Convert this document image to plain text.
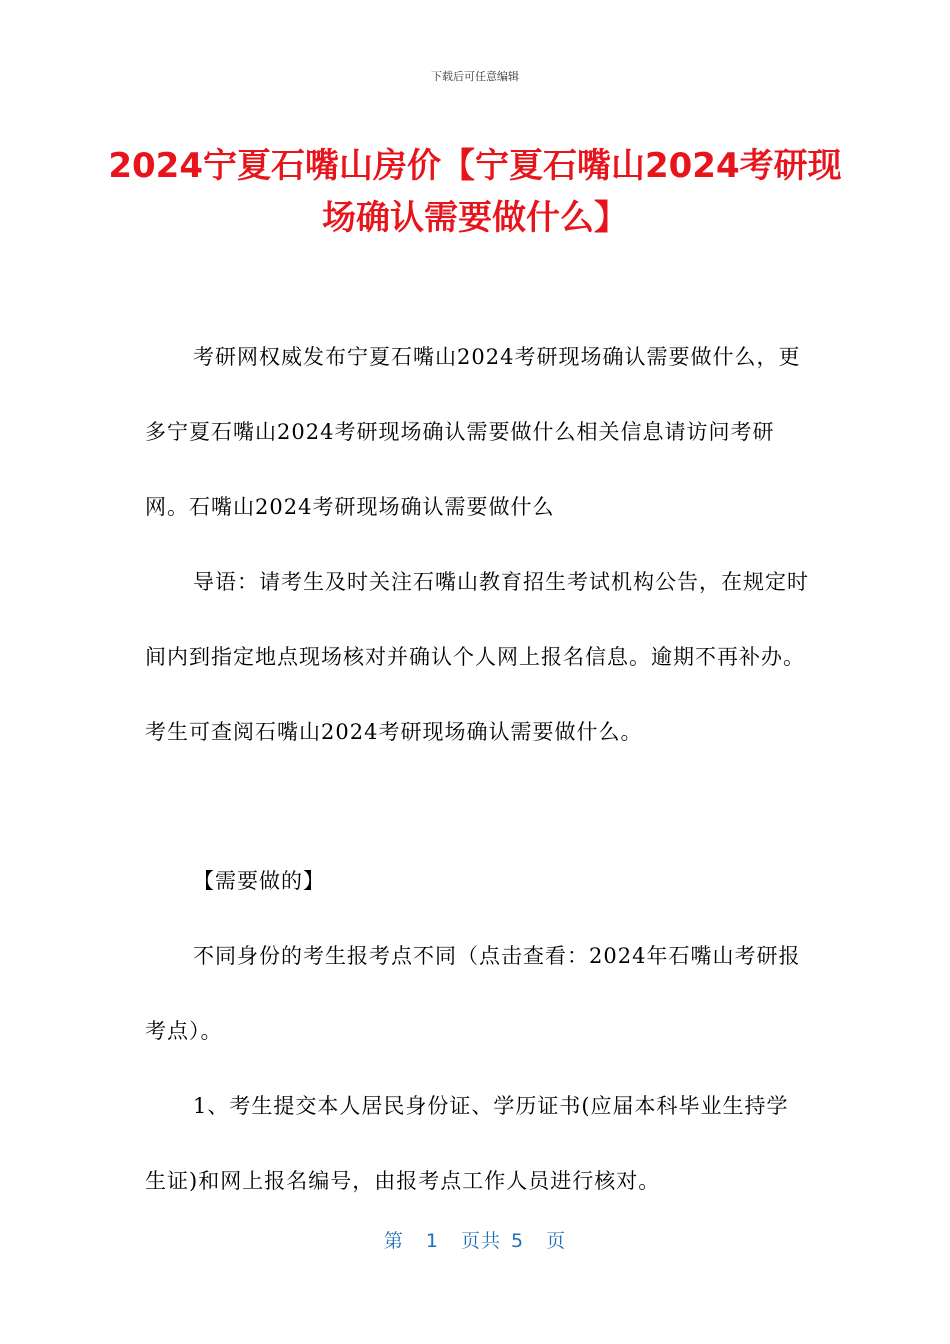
下载后可任意编辑
2024宁夏石嘴山房价【宁夏石嘴山2024考研现场确认需要做什么】

考研网权威发布宁夏石嘴山2024考研现场确认需要做什么，更多宁夏石嘴山2024考研现场确认需要做什么相关信息请访问考研网。石嘴山2024考研现场确认需要做什么

导语：请考生及时关注石嘴山教育招生考试机构公告，在规定时间内到指定地点现场核对并确认个人网上报名信息。逾期不再补办。考生可查阅石嘴山2024考研现场确认需要做什么。

【需要做的】

不同身份的考生报考点不同（点击查看：2024年石嘴山考研报考点）。

1、考生提交本人居民身份证、学历证书(应届本科毕业生持学生证)和网上报名编号，由报考点工作人员进行核对。

第 1 页共 5 页
